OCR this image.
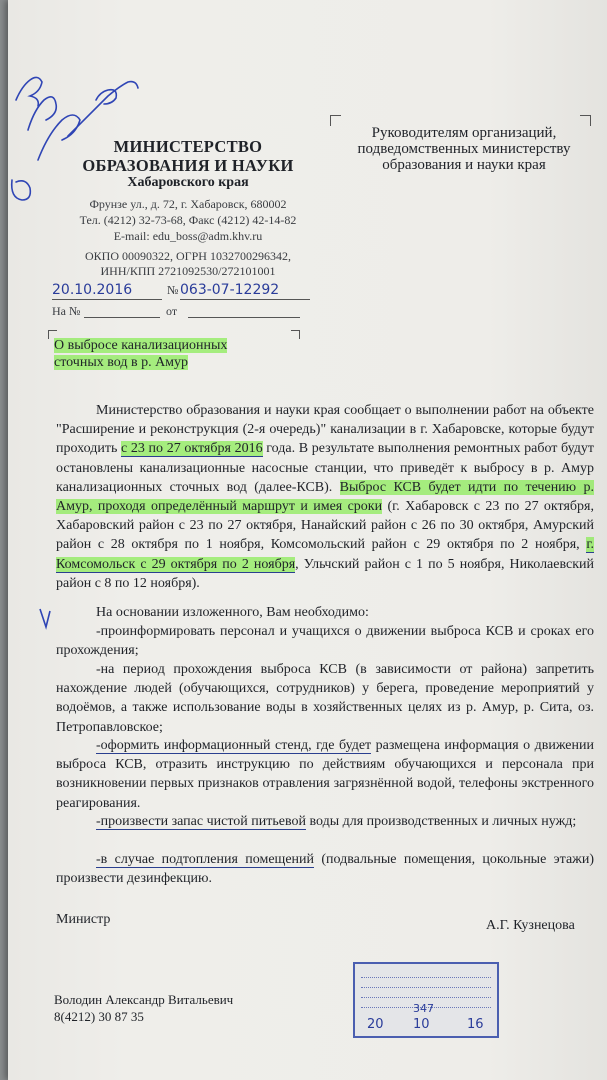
МИНИСТЕРСТВО
ОБРАЗОВАНИЯ И НАУКИ
Хабаровского края
Фрунзе ул., д. 72, г. Хабаровск, 680002
Тел. (4212) 32-73-68, Факс (4212) 42-14-82
E-mail: edu_boss@adm.khv.ru
ОКПО 00090322, ОГРН 1032700296342,
ИНН/КПП 2721092530/272101001
20.10.2016	№ 063-07-12292
На №	от
Руководителям организаций,
подведомственных министерству
образования и науки края
О выбросе канализационных
сточных вод в р. Амур
Министерство образования и науки края сообщает о выполнении работ на объекте "Расширение и реконструкция (2-я очередь)" канализации в г. Хабаровске, которые будут проходить с 23 по 27 октября 2016 года. В результате выполнения ремонтных работ будут остановлены канализационные насосные станции, что приведёт к выбросу в р. Амур канализационных сточных вод (далее-КСВ). Выброс КСВ будет идти по течению р. Амур, проходя определённый маршрут и имея сроки (г. Хабаровск с 23 по 27 октября, Хабаровский район с 23 по 27 октября, Нанайский район с 26 по 30 октября, Амурский район с 28 октября по 1 ноября, Комсомольский район с 29 октября по 2 ноября, г. Комсомольск с 29 октября по 2 ноября, Ульчский район с 1 по 5 ноября, Николаевский район с 8 по 12 ноября).
На основании изложенного, Вам необходимо:
-проинформировать персонал и учащихся о движении выброса КСВ и сроках его прохождения;
-на период прохождения выброса КСВ (в зависимости от района) запретить нахождение людей (обучающихся, сотрудников) у берега, проведение мероприятий у водоёмов, а также использование воды в хозяйственных целях из р. Амур, р. Сита, оз. Петропавловское;
-оформить информационный стенд, где будет размещена информация о движении выброса КСВ, отразить инструкцию по действиям обучающихся и персонала при возникновении первых признаков отравления загрязнённой водой, телефоны экстренного реагирования.
-произвести запас чистой питьевой воды для производственных и личных нужд;
-в случае подтопления помещений (подвальные помещения, цокольные этажи) произвести дезинфекцию.
Министр	А.Г. Кузнецова
20
347
10	16
Володин Александр Витальевич
8(4212) 30 87 35
